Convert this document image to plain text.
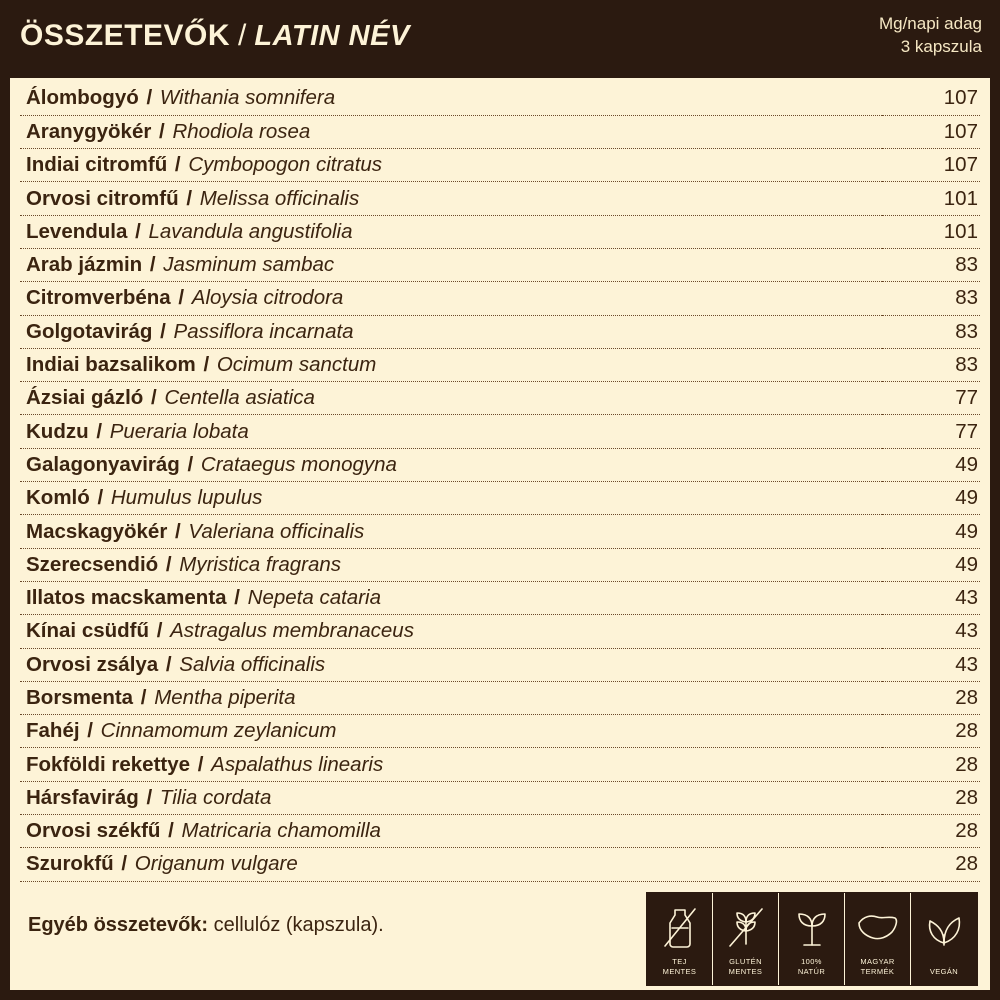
ÖSSZETEVŐK / LATIN NÉV	Mg/napi adag
3 kapszula
Álombogyó / Withania somnifera	107
Aranygyökér / Rhodiola rosea	107
Indiai citromfű / Cymbopogon citratus	107
Orvosi citromfű / Melissa officinalis	101
Levendula / Lavandula angustifolia	101
Arab jázmin / Jasminum sambac	83
Citromverbéna / Aloysia citrodora	83
Golgotavirág / Passiflora incarnata	83
Indiai bazsalikom / Ocimum sanctum	83
Ázsiai gázló / Centella asiatica	77
Kudzu / Pueraria lobata	77
Galagonyavirág / Crataegus monogyna	49
Komló / Humulus lupulus	49
Macskagyökér / Valeriana officinalis	49
Szerecsendió / Myristica fragrans	49
Illatos macskamenta / Nepeta cataria	43
Kínai csüdfű / Astragalus membranaceus	43
Orvosi zsálya / Salvia officinalis	43
Borsmenta / Mentha piperita	28
Fahéj / Cinnamomum zeylanicum	28
Fokföldi rekettye / Aspalathus linearis	28
Hársfavirág / Tilia cordata	28
Orvosi székfű / Matricaria chamomilla	28
Szurokfű / Origanum vulgare	28
Egyéb összetevők: cellulóz (kapszula).
TEJ
MENTES
GLUTÉN
MENTES
100%
NATÚR
MAGYAR
TERMÉK	VEGÁN
